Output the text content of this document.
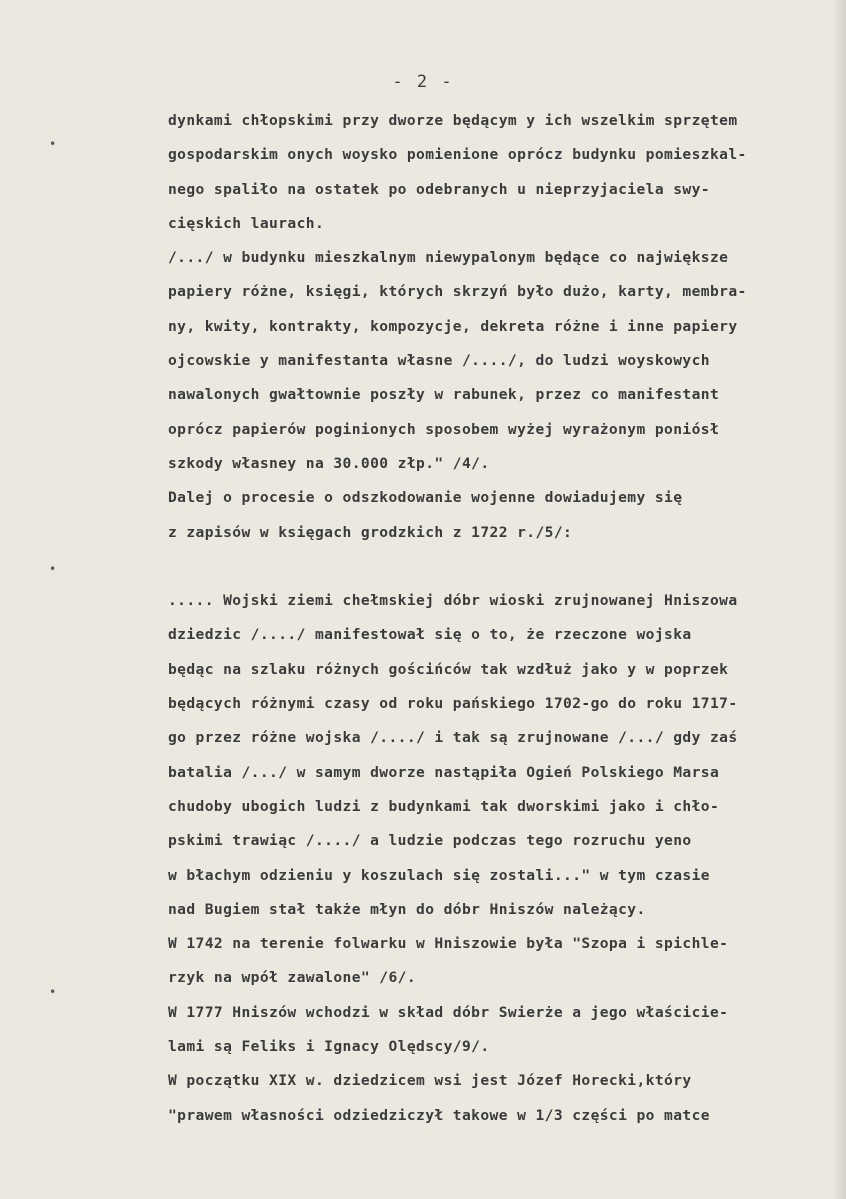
•
•
•
- 2 -
dynkami chłopskimi przy dworze będącym y ich wszelkim sprzętem
gospodarskim onych woysko pomienione oprócz budynku pomieszkal-
nego spaliło na ostatek po odebranych u nieprzyjaciela swy-
cięskich laurach.
/.../ w budynku mieszkalnym niewypalonym będące co największe
papiery różne, księgi, których skrzyń było dużo, karty, membra-
ny, kwity, kontrakty, kompozycje, dekreta różne i inne papiery
ojcowskie y manifestanta własne /..../, do ludzi woyskowych
nawalonych gwałtownie poszły w rabunek, przez co manifestant
oprócz papierów poginionych sposobem wyżej wyrażonym poniósł
szkody własney na 30.000 złp." /4/.
Dalej o procesie o odszkodowanie wojenne dowiadujemy się
z zapisów w księgach grodzkich z 1722 r./5/:
..... Wojski ziemi chełmskiej dóbr wioski zrujnowanej Hniszowa
dziedzic /..../ manifestował się o to, że rzeczone wojska
będąc na szlaku różnych gościńców tak wzdłuż jako y w poprzek
będących różnymi czasy od roku pańskiego 1702-go do roku 1717-
go przez różne wojska /..../ i tak są zrujnowane /.../ gdy zaś
batalia /.../ w samym dworze nastąpiła Ogień Polskiego Marsa
chudoby ubogich ludzi z budynkami tak dworskimi jako i chło-
pskimi trawiąc /..../ a ludzie podczas tego rozruchu yeno
w błachym odzieniu y koszulach się zostali..." w tym czasie
nad Bugiem stał także młyn do dóbr Hniszów należący.
W 1742 na terenie folwarku w Hniszowie była "Szopa i spichle-
rzyk na wpół zawalone" /6/.
W 1777 Hniszów wchodzi w skład dóbr Swierże a jego właściciе-
lami są Feliks i Ignacy Olędscy/9/.
W początku XIX w. dziedzicem wsi jest Józef Horecki,który
"prawem własności odziedziczył takowe w 1/3 części po matce
